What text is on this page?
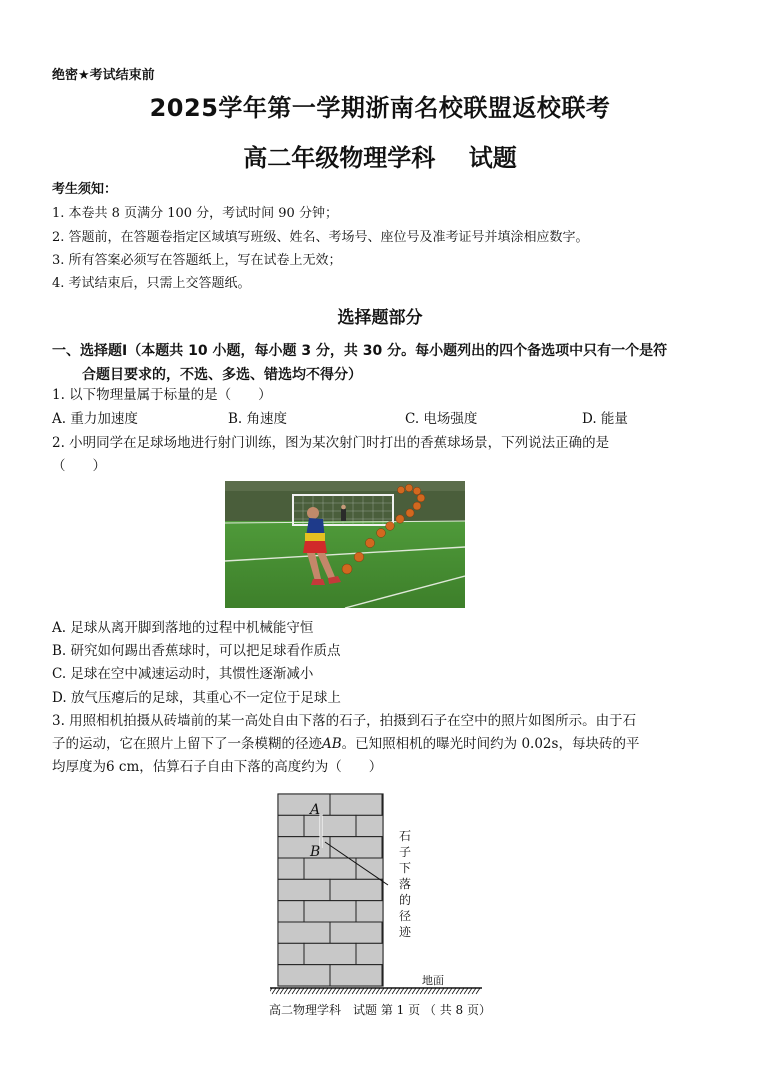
绝密★考试结束前
2025学年第一学期浙南名校联盟返校联考
高二年级物理学科    试题
考生须知：
1. 本卷共 8 页满分 100 分，考试时间 90 分钟；
2. 答题前，在答题卷指定区域填写班级、姓名、考场号、座位号及准考证号并填涂相应数字。
3. 所有答案必须写在答题纸上，写在试卷上无效；
4. 考试结束后，只需上交答题纸。
选择题部分
一、选择题Ⅰ（本题共 10 小题，每小题 3 分，共 30 分。每小题列出的四个备选项中只有一个是符
合题目要求的，不选、多选、错选均不得分）
1. 以下物理量属于标量的是（　　）
A. 重力加速度	B. 角速度	C. 电场强度	D. 能量
2. 小明同学在足球场地进行射门训练，图为某次射门时打出的香蕉球场景，下列说法正确的是
（　　）
A. 足球从离开脚到落地的过程中机械能守恒
B. 研究如何踢出香蕉球时，可以把足球看作质点
C. 足球在空中减速运动时，其惯性逐渐减小
D. 放气压瘪后的足球，其重心不一定位于足球上
3. 用照相机拍摄从砖墙前的某一高处自由下落的石子，拍摄到石子在空中的照片如图所示。由于石
子的运动，它在照片上留下了一条模糊的径迹AB。已知照相机的曝光时间约为 0.02s，每块砖的平
均厚度为6 cm，估算石子自由下落的高度约为（　　）
A
B
石
子
下
落
的
径
迹
地面
高二物理学科　试题 第 1 页 （ 共 8 页）
